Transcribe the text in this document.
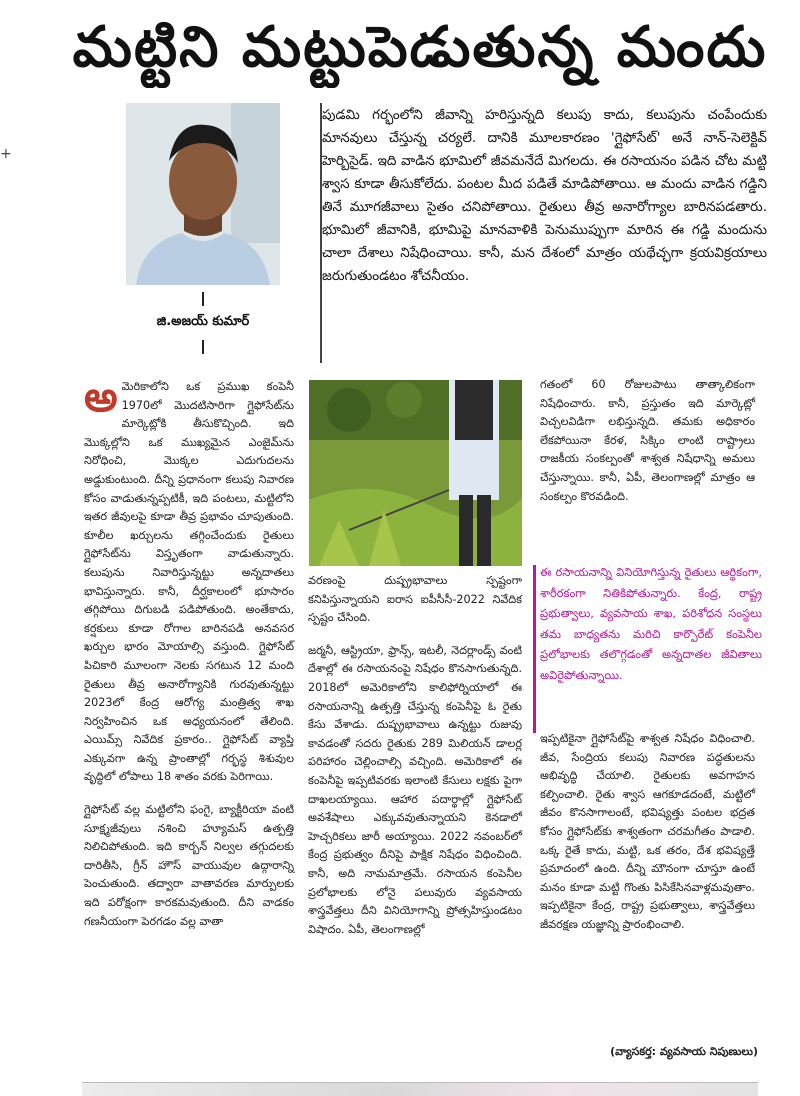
+
మట్టిని మట్టుపెడుతున్న మందు
జి.అజయ్ కుమార్
పుడమి గర్భంలోని జీవాన్ని హరిస్తున్నది కలుపు కాదు, కలుపును చంపేందుకు మానవులు చేస్తున్న చర్యలే. దానికి మూలకారణం 'గ్లైఫోసేట్' అనే నాన్-సెలెక్టివ్ హెర్బిసైడ్. ఇది వాడిన భూమిలో జీవమనేదే మిగలదు. ఈ రసాయనం పడిన చోట మట్టి శ్వాస కూడా తీసుకోలేదు. పంటల మీద పడితే మాడిపోతాయి. ఆ మందు వాడిన గడ్డిని తినే మూగజీవాలు సైతం చనిపోతాయి. రైతులు తీవ్ర అనారోగ్యాల బారినపడతారు. భూమిలో జీవానికి, భూమిపై మానవాళికి పెనుముప్పుగా మారిన ఈ గడ్డి మందును చాలా దేశాలు నిషేధించాయి. కానీ, మన దేశంలో మాత్రం యథేచ్ఛగా క్రయవిక్రయాలు జరుగుతుండటం శోచనీయం.

అమెరికాలోని ఒక ప్రముఖ కంపెనీ 1970లో మొదటిసారిగా గ్లైఫోసేట్‌ను మార్కెట్లోకి తీసుకొచ్చింది. ఇది మొక్కల్లోని ఒక ముఖ్యమైన ఎంజైమ్‌ను నిరోధించి, మొక్కల ఎదుగుదలను అడ్డుకుంటుంది. దీన్ని ప్రధానంగా కలుపు నివారణ కోసం వాడుతున్నప్పటికీ, ఇది పంటలు, మట్టిలోని ఇతర జీవులపై కూడా తీవ్ర ప్రభావం చూపుతుంది. కూలీల ఖర్చులను తగ్గించేందుకు రైతులు గ్లైఫోసేట్‌ను విస్తృతంగా వాడుతున్నారు. కలుపును నివారిస్తున్నట్టు అన్నదాతలు భావిస్తున్నారు. కానీ, దీర్ఘకాలంలో భూసారం తగ్గిపోయి దిగుబడి పడిపోతుంది. అంతేకాదు, కర్షకులు కూడా రోగాల బారినపడి అనవసర ఖర్చుల భారం మోయాల్సి వస్తుంది. గ్లైఫోసేట్ పిచికారి మూలంగా నెలకు సగటున 12 మంది రైతులు తీవ్ర అనారోగ్యానికి గురవుతున్నట్టు 2023లో కేంద్ర ఆరోగ్య మంత్రిత్వ శాఖ నిర్వహించిన ఒక అధ్యయనంలో తేలింది. ఎయిమ్స్ నివేదిక ప్రకారం.. గ్లైఫోసేట్ వ్యాప్తి ఎక్కువగా ఉన్న ప్రాంతాల్లో గర్భస్థ శిశువుల వృద్ధిలో లోపాలు 18 శాతం వరకు పెరిగాయి.

గ్లైఫోసేట్ వల్ల మట్టిలోని ఫంగై, బ్యాక్టీరియా వంటి సూక్ష్మజీవులు నశించి హ్యూమస్ ఉత్పత్తి నిలిచిపోతుంది. ఇది కార్బన్ నిల్వల తగ్గుదలకు దారితీసి, గ్రీన్ హౌస్ వాయువుల ఉద్గారాన్ని పెంచుతుంది. తద్వారా వాతావరణ మార్పులకు ఇది పరోక్షంగా కారకమవుతుంది. దీని వాడకం గణనీయంగా పెరగడం వల్ల వాతా

వరణంపై దుష్ప్రభావాలు స్పష్టంగా కనిపిస్తున్నాయని ఐరాస ఐపీసీసీ-2022 నివేదిక స్పష్టం చేసింది.

జర్మనీ, ఆస్ట్రియా, ఫ్రాన్స్, ఇటలీ, నెదర్లాండ్స్ వంటి దేశాల్లో ఈ రసాయనంపై నిషేధం కొనసాగుతున్నది. 2018లో అమెరికాలోని కాలిఫోర్నియాలో ఈ రసాయనాన్ని ఉత్పత్తి చేస్తున్న కంపెనీపై ఓ రైతు కేసు వేశాడు. దుష్ప్రభావాలు ఉన్నట్టు రుజువు కావడంతో సదరు రైతుకు 289 మిలియన్ డాలర్ల పరిహారం చెల్లించాల్సి వచ్చింది. అమెరికాలో ఈ కంపెనీపై ఇప్పటివరకు ఇలాంటి కేసులు లక్షకు పైగా దాఖలయ్యాయి. ఆహార పదార్థాల్లో గ్లైఫోసేట్ అవశేషాలు ఎక్కువవుతున్నాయని కెనడాలో హెచ్చరికలు జారీ అయ్యాయి. 2022 నవంబర్‌లో కేంద్ర ప్రభుత్వం దీనిపై పాక్షిక నిషేధం విధించింది. కానీ, అది నామమాత్రమే. రసాయన కంపెనీల ప్రలోభాలకు లోనై పలువురు వ్యవసాయ శాస్త్రవేత్తలు దీని వినియోగాన్ని ప్రోత్సహిస్తుండటం విషాదం. ఏపీ, తెలంగాణల్లో

గతంలో 60 రోజులపాటు తాత్కాలికంగా నిషేధించారు. కానీ, ప్రస్తుతం ఇది మార్కెట్లో విచ్చలవిడిగా లభిస్తున్నది. తమకు అధికారం లేకపోయినా కేరళ, సిక్కిం లాంటి రాష్ట్రాలు రాజకీయ సంకల్పంతో శాశ్వత నిషేధాన్ని అమలు చేస్తున్నాయి. కానీ, ఏపీ, తెలంగాణల్లో మాత్రం ఆ సంకల్పం కొరవడింది.

ఈ రసాయనాన్ని వినియోగిస్తున్న రైతులు ఆర్థికంగా, శారీరకంగా నితికిపోతున్నారు. కేంద్ర, రాష్ట్ర ప్రభుత్వాలు, వ్యవసాయ శాఖ, పరిశోధన సంస్థలు తమ బాధ్యతను మరిచి కార్పొరేట్ కంపెనీల ప్రలోభాలకు తలొగ్గడంతో అన్నదాతల జీవితాలు అవిరైపోతున్నాయి.

ఇప్పటికైనా గ్లైఫోసేట్‌పై శాశ్వత నిషేధం విధించాలి. జీవ, సేంద్రియ కలుపు నివారణ పద్ధతులను అభివృద్ధి చేయాలి. రైతులకు అవగాహన కల్పించాలి. రైతు శ్వాస ఆగకూడదంటే, మట్టిలో జీవం కొనసాగాలంటే, భవిష్యత్తు పంటల భద్రత కోసం గ్లైఫోసేట్‌కు శాశ్వతంగా చరమగీతం పాడాలి. ఒక్క రైతే కాదు, మట్టి, ఒక తరం, దేశ భవిష్యత్తే ప్రమాదంలో ఉంది. దీన్ని మౌనంగా చూస్తూ ఉంటే మనం కూడా మట్టి గొంతు పిసికేసినవాళ్లమవుతాం. ఇప్పటికైనా కేంద్ర, రాష్ట్ర ప్రభుత్వాలు, శాస్త్రవేత్తలు జీవరక్షణ యజ్ఞాన్ని ప్రారంభించాలి.

(వ్యాసకర్త: వ్యవసాయ నిపుణులు)
